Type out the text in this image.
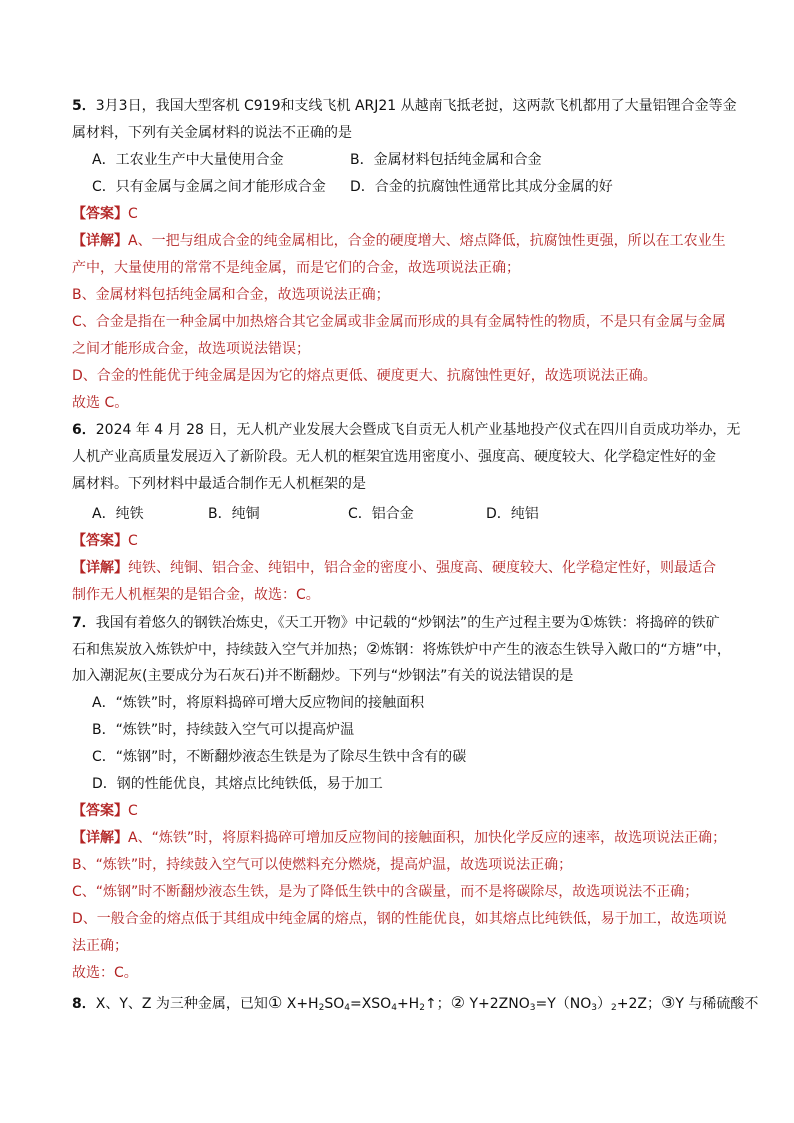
5．3月3日，我国大型客机 C919和支线飞机 ARJ21 从越南飞抵老挝，这两款飞机都用了大量铝锂合金等金
属材料，下列有关金属材料的说法不正确的是
A．工农业生产中大量使用合金	B．金属材料包括纯金属和合金
C．只有金属与金属之间才能形成合金 D．合金的抗腐蚀性通常比其成分金属的好
【答案】C
【详解】A、一把与组成合金的纯金属相比，合金的硬度增大、熔点降低，抗腐蚀性更强，所以在工农业生
产中，大量使用的常常不是纯金属，而是它们的合金，故选项说法正确；
B、金属材料包括纯金属和合金，故选项说法正确；
C、合金是指在一种金属中加热熔合其它金属或非金属而形成的具有金属特性的物质，不是只有金属与金属
之间才能形成合金，故选项说法错误；
D、合金的性能优于纯金属是因为它的熔点更低、硬度更大、抗腐蚀性更好，故选项说法正确。
故选 C。
6．2024 年 4 月 28 日，无人机产业发展大会暨成飞自贡无人机产业基地投产仪式在四川自贡成功举办，无
人机产业高质量发展迈入了新阶段。无人机的框架宜选用密度小、强度高、硬度较大、化学稳定性好的金
属材料。下列材料中最适合制作无人机框架的是
A．纯铁	B．纯铜	C．铝合金	D．纯铝
【答案】C
【详解】纯铁、纯铜、铝合金、纯铝中，铝合金的密度小、强度高、硬度较大、化学稳定性好，则最适合
制作无人机框架的是铝合金，故选：C。
7．我国有着悠久的钢铁冶炼史，《天工开物》中记载的“炒钢法”的生产过程主要为①炼铁：将捣碎的铁矿
石和焦炭放入炼铁炉中，持续鼓入空气并加热；②炼钢：将炼铁炉中产生的液态生铁导入敞口的“方塘”中，
加入潮泥灰(主要成分为石灰石)并不断翻炒。下列与“炒钢法”有关的说法错误的是
A．“炼铁”时，将原料捣碎可增大反应物间的接触面积
B．“炼铁”时，持续鼓入空气可以提高炉温
C．“炼钢”时，不断翻炒液态生铁是为了除尽生铁中含有的碳
D．钢的性能优良，其熔点比纯铁低，易于加工
【答案】C
【详解】A、“炼铁”时，将原料捣碎可增加反应物间的接触面积，加快化学反应的速率，故选项说法正确；
B、“炼铁”时，持续鼓入空气可以使燃料充分燃烧，提高炉温，故选项说法正确；
C、“炼钢”时不断翻炒液态生铁，是为了降低生铁中的含碳量，而不是将碳除尽，故选项说法不正确；
D、一般合金的熔点低于其组成中纯金属的熔点，钢的性能优良，如其熔点比纯铁低，易于加工，故选项说
法正确；
故选：C。
8．X、Y、Z 为三种金属，已知① $X+H_2SO_4=XSO_4+H_2↑$；② $Y+2ZNO_3=Y(NO_3)_2+2Z$；③Y 与稀硫酸不
